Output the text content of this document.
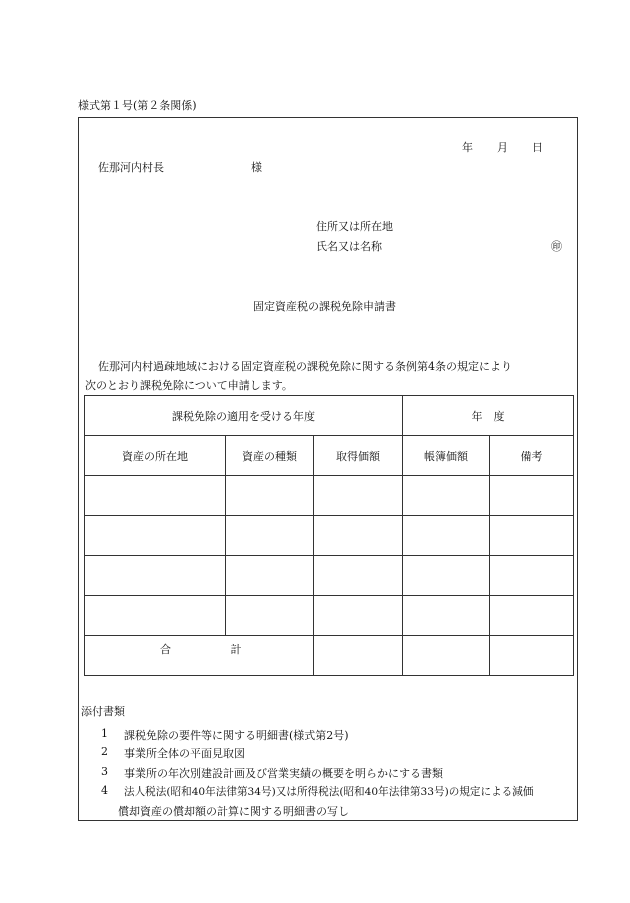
様式第１号(第２条関係)
年 月 日
佐那河内村長	様
住所又は所在地
氏名又は名称	㊞
固定資産税の課税免除申請書
佐那河内村過疎地域における固定資産税の課税免除に関する条例第4条の規定により
次のとおり課税免除について申請します。
課税免除の適用を受ける年度			年　度	
資産の所在地	資産の種類	取得価額	帳簿価額	備考

合 計				
添付書類
1 課税免除の要件等に関する明細書(様式第2号)
2 事業所全体の平面見取図
3 事業所の年次別建設計画及び営業実績の概要を明らかにする書類
4 法人税法(昭和40年法律第34号)又は所得税法(昭和40年法律第33号)の規定による減価
償却資産の償却額の計算に関する明細書の写し
